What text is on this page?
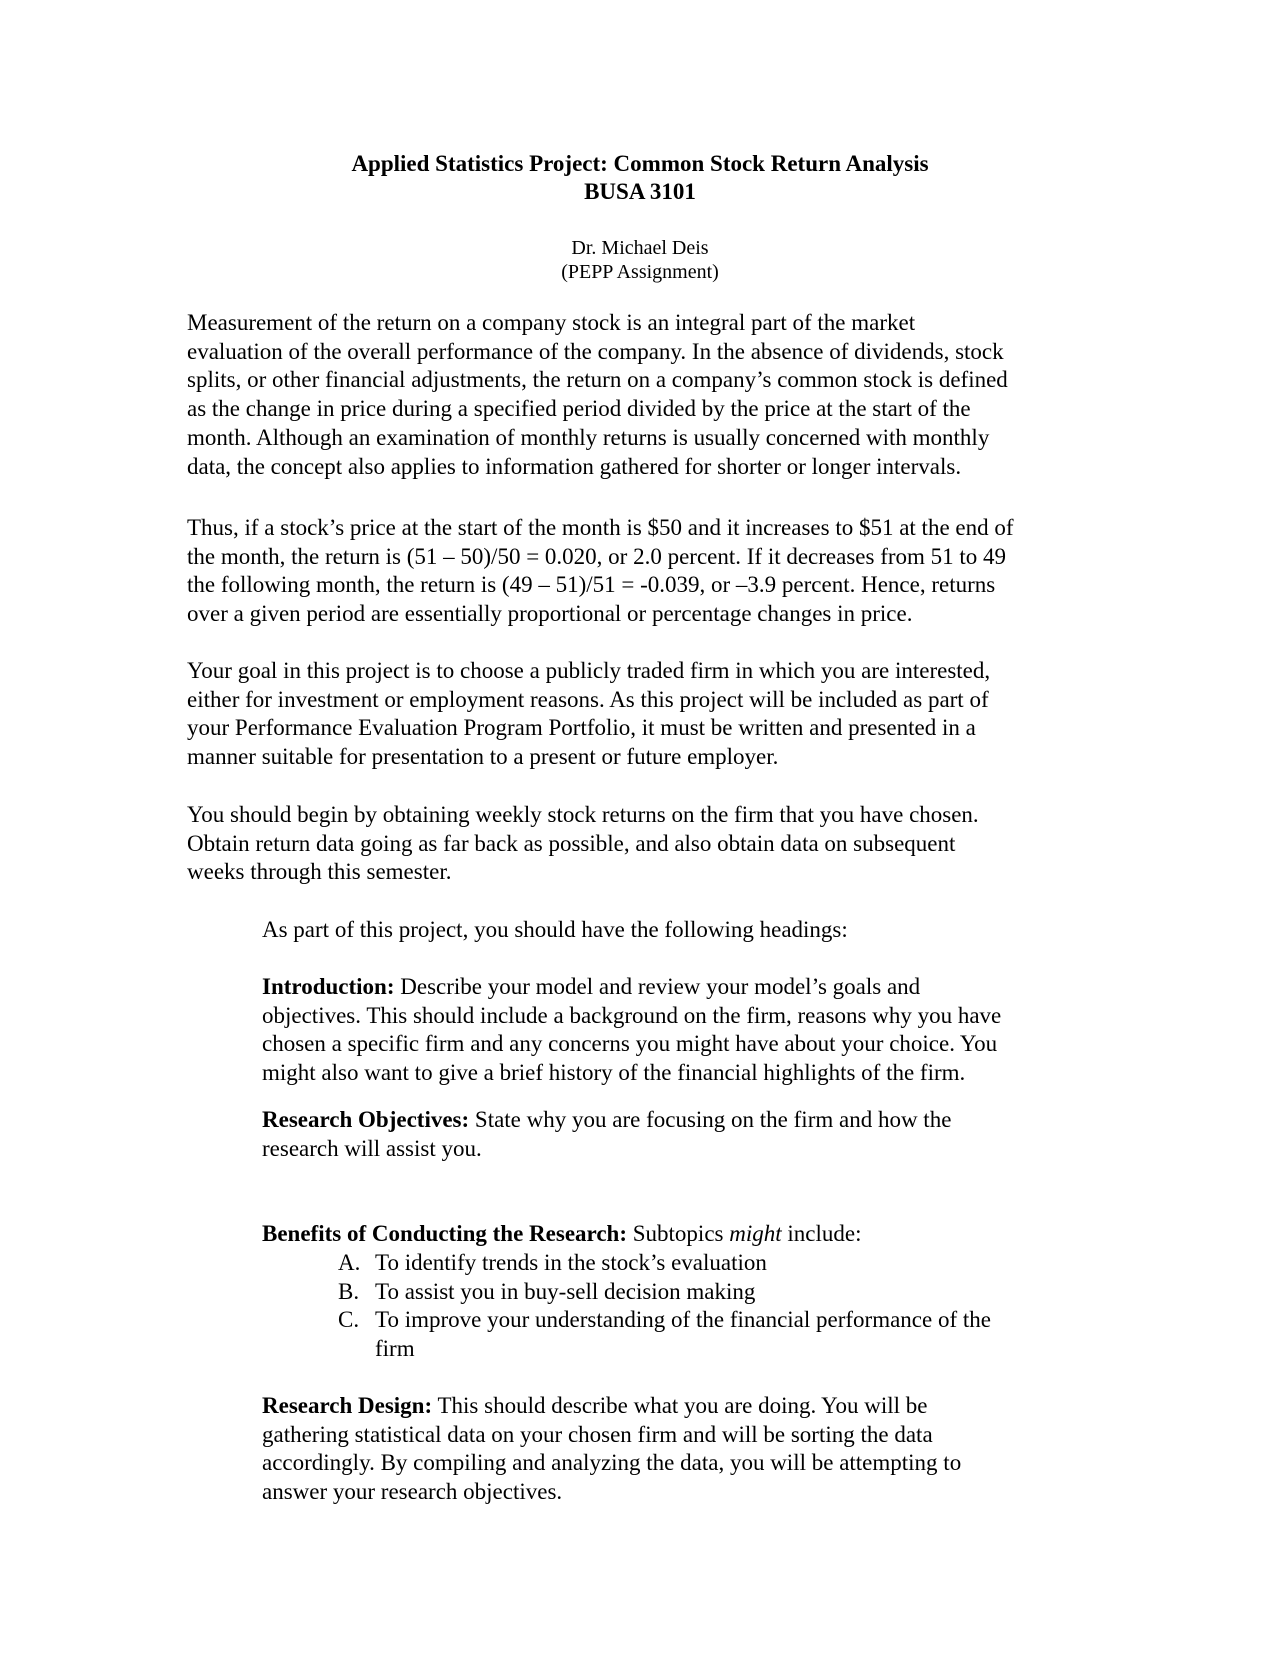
Applied Statistics Project: Common Stock Return Analysis
BUSA 3101
Dr. Michael Deis
(PEPP Assignment)

Measurement of the return on a company stock is an integral part of the market
evaluation of the overall performance of the company. In the absence of dividends, stock
splits, or other financial adjustments, the return on a company’s common stock is defined
as the change in price during a specified period divided by the price at the start of the
month. Although an examination of monthly returns is usually concerned with monthly
data, the concept also applies to information gathered for shorter or longer intervals.

Thus, if a stock’s price at the start of the month is $50 and it increases to $51 at the end of
the month, the return is (51 – 50)/50 = 0.020, or 2.0 percent. If it decreases from 51 to 49
the following month, the return is (49 – 51)/51 = -0.039, or –3.9 percent. Hence, returns
over a given period are essentially proportional or percentage changes in price.

Your goal in this project is to choose a publicly traded firm in which you are interested,
either for investment or employment reasons. As this project will be included as part of
your Performance Evaluation Program Portfolio, it must be written and presented in a
manner suitable for presentation to a present or future employer.

You should begin by obtaining weekly stock returns on the firm that you have chosen.
Obtain return data going as far back as possible, and also obtain data on subsequent
weeks through this semester.

As part of this project, you should have the following headings:

Introduction: Describe your model and review your model’s goals and
objectives. This should include a background on the firm, reasons why you have
chosen a specific firm and any concerns you might have about your choice. You
might also want to give a brief history of the financial highlights of the firm.

Research Objectives: State why you are focusing on the firm and how the
research will assist you.

Benefits of Conducting the Research: Subtopics might include:

A. To identify trends in the stock’s evaluation
B. To assist you in buy-sell decision making
C. To improve your understanding of the financial performance of the
firm

Research Design: This should describe what you are doing. You will be
gathering statistical data on your chosen firm and will be sorting the data
accordingly. By compiling and analyzing the data, you will be attempting to
answer your research objectives.
